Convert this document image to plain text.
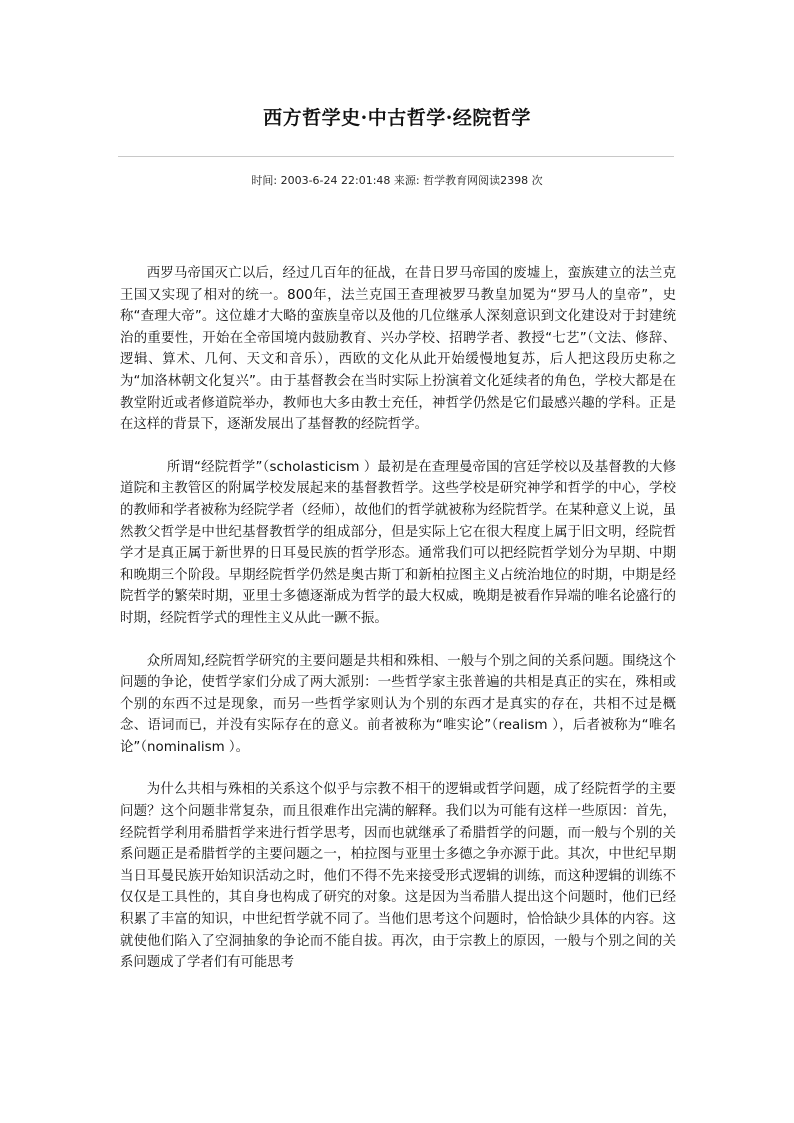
西方哲学史·中古哲学·经院哲学
时间: 2003-6-24 22:01:48 来源: 哲学教育网阅读2398 次

西罗马帝国灭亡以后，经过几百年的征战，在昔日罗马帝国的废墟上，蛮族建立的法兰克王国又实现了相对的统一。800年，法兰克国王查理被罗马教皇加冕为“罗马人的皇帝”，史称“查理大帝”。这位雄才大略的蛮族皇帝以及他的几位继承人深刻意识到文化建设对于封建统治的重要性，开始在全帝国境内鼓励教育、兴办学校、招聘学者、教授“七艺”（文法、修辞、逻辑、算术、几何、天文和音乐），西欧的文化从此开始缓慢地复苏，后人把这段历史称之为“加洛林朝文化复兴”。由于基督教会在当时实际上扮演着文化延续者的角色，学校大都是在教堂附近或者修道院举办，教师也大多由教士充任，神哲学仍然是它们最感兴趣的学科。正是在这样的背景下，逐渐发展出了基督教的经院哲学。

所谓“经院哲学”（scholasticism ）最初是在查理曼帝国的宫廷学校以及基督教的大修道院和主教管区的附属学校发展起来的基督教哲学。这些学校是研究神学和哲学的中心，学校的教师和学者被称为经院学者（经师），故他们的哲学就被称为经院哲学。在某种意义上说，虽然教父哲学是中世纪基督教哲学的组成部分，但是实际上它在很大程度上属于旧文明，经院哲学才是真正属于新世界的日耳曼民族的哲学形态。通常我们可以把经院哲学划分为早期、中期和晚期三个阶段。早期经院哲学仍然是奥古斯丁和新柏拉图主义占统治地位的时期，中期是经院哲学的繁荣时期，亚里士多德逐渐成为哲学的最大权威，晚期是被看作异端的唯名论盛行的时期，经院哲学式的理性主义从此一蹶不振。

众所周知,经院哲学研究的主要问题是共相和殊相、一般与个别之间的关系问题。围绕这个问题的争论，使哲学家们分成了两大派别：一些哲学家主张普遍的共相是真正的实在，殊相或个别的东西不过是现象，而另一些哲学家则认为个别的东西才是真实的存在，共相不过是概念、语词而已，并没有实际存在的意义。前者被称为“唯实论”（realism ），后者被称为“唯名论”（nominalism ）。

为什么共相与殊相的关系这个似乎与宗教不相干的逻辑或哲学问题，成了经院哲学的主要问题？这个问题非常复杂，而且很难作出完满的解释。我们以为可能有这样一些原因：首先，经院哲学利用希腊哲学来进行哲学思考，因而也就继承了希腊哲学的问题，而一般与个别的关系问题正是希腊哲学的主要问题之一，柏拉图与亚里士多德之争亦源于此。其次，中世纪早期当日耳曼民族开始知识活动之时，他们不得不先来接受形式逻辑的训练，而这种逻辑的训练不仅仅是工具性的，其自身也构成了研究的对象。这是因为当希腊人提出这个问题时，他们已经积累了丰富的知识，中世纪哲学就不同了。当他们思考这个问题时，恰恰缺少具体的内容。这就使他们陷入了空洞抽象的争论而不能自拔。再次，由于宗教上的原因，一般与个别之间的关系问题成了学者们有可能思考
